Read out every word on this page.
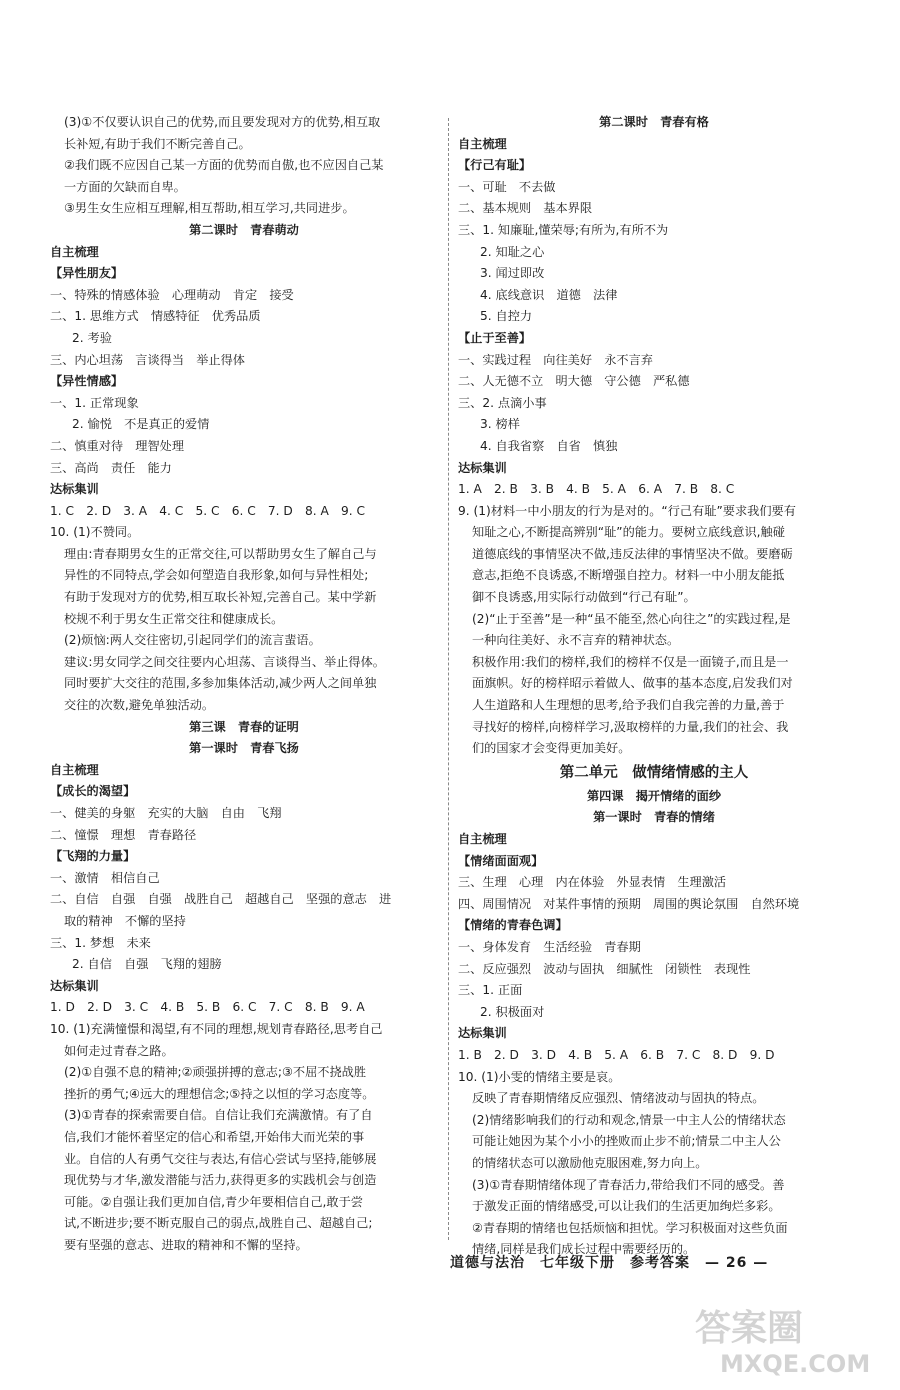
(3)①不仅要认识自己的优势,而且要发现对方的优势,相互取
长补短,有助于我们不断完善自己。
②我们既不应因自己某一方面的优势而自傲,也不应因自己某
一方面的欠缺而自卑。
③男生女生应相互理解,相互帮助,相互学习,共同进步。
第二课时　青春萌动
自主梳理
【异性朋友】
一、特殊的情感体验　心理萌动　肯定　接受
二、1. 思维方式　情感特征　优秀品质
2. 考验
三、内心坦荡　言谈得当　举止得体
【异性情感】
一、1. 正常现象
2. 愉悦　不是真正的爱情
二、慎重对待　理智处理
三、高尚　责任　能力
达标集训
1. C　2. D　3. A　4. C　5. C　6. C　7. D　8. A　9. C
10. (1)不赞同。
理由:青春期男女生的正常交往,可以帮助男女生了解自己与
异性的不同特点,学会如何塑造自我形象,如何与异性相处;
有助于发现对方的优势,相互取长补短,完善自己。某中学新
校规不利于男女生正常交往和健康成长。
(2)烦恼:两人交往密切,引起同学们的流言蜚语。
建议:男女同学之间交往要内心坦荡、言谈得当、举止得体。
同时要扩大交往的范围,多参加集体活动,减少两人之间单独
交往的次数,避免单独活动。
第三课　青春的证明
第一课时　青春飞扬
自主梳理
【成长的渴望】
一、健美的身躯　充实的大脑　自由　飞翔
二、憧憬　理想　青春路径
【飞翔的力量】
一、激情　相信自己
二、自信　自强　自强　战胜自己　超越自己　坚强的意志　进
取的精神　不懈的坚持
三、1. 梦想　未来
2. 自信　自强　飞翔的翅膀
达标集训
1. D　2. D　3. C　4. B　5. B　6. C　7. C　8. B　9. A
10. (1)充满憧憬和渴望,有不同的理想,规划青春路径,思考自己
如何走过青春之路。
(2)①自强不息的精神;②顽强拼搏的意志;③不屈不挠战胜
挫折的勇气;④远大的理想信念;⑤持之以恒的学习态度等。
(3)①青春的探索需要自信。自信让我们充满激情。有了自
信,我们才能怀着坚定的信心和希望,开始伟大而光荣的事
业。自信的人有勇气交往与表达,有信心尝试与坚持,能够展
现优势与才华,激发潜能与活力,获得更多的实践机会与创造
可能。②自强让我们更加自信,青少年要相信自己,敢于尝
试,不断进步;要不断克服自己的弱点,战胜自己、超越自己;
要有坚强的意志、进取的精神和不懈的坚持。
第二课时　青春有格
自主梳理
【行己有耻】
一、可耻　不去做
二、基本规则　基本界限
三、1. 知廉耻,懂荣辱;有所为,有所不为
2. 知耻之心
3. 闻过即改
4. 底线意识　道德　法律
5. 自控力
【止于至善】
一、实践过程　向往美好　永不言弃
二、人无德不立　明大德　守公德　严私德
三、2. 点滴小事
3. 榜样
4. 自我省察　自省　慎独
达标集训
1. A　2. B　3. B　4. B　5. A　6. A　7. B　8. C
9. (1)材料一中小朋友的行为是对的。“行己有耻”要求我们要有
知耻之心,不断提高辨别“耻”的能力。要树立底线意识,触碰
道德底线的事情坚决不做,违反法律的事情坚决不做。要磨砺
意志,拒绝不良诱惑,不断增强自控力。材料一中小朋友能抵
御不良诱惑,用实际行动做到“行己有耻”。
(2)“止于至善”是一种“虽不能至,然心向往之”的实践过程,是
一种向往美好、永不言弃的精神状态。
积极作用:我们的榜样,我们的榜样不仅是一面镜子,而且是一
面旗帜。好的榜样昭示着做人、做事的基本态度,启发我们对
人生道路和人生理想的思考,给予我们自我完善的力量,善于
寻找好的榜样,向榜样学习,汲取榜样的力量,我们的社会、我
们的国家才会变得更加美好。
第二单元　做情绪情感的主人
第四课　揭开情绪的面纱
第一课时　青春的情绪
自主梳理
【情绪面面观】
三、生理　心理　内在体验　外显表情　生理激活
四、周围情况　对某件事情的预期　周围的舆论氛围　自然环境
【情绪的青春色调】
一、身体发育　生活经验　青春期
二、反应强烈　波动与固执　细腻性　闭锁性　表现性
三、1. 正面
2. 积极面对
达标集训
1. B　2. D　3. D　4. B　5. A　6. B　7. C　8. D　9. D
10. (1)小雯的情绪主要是哀。
反映了青春期情绪反应强烈、情绪波动与固执的特点。
(2)情绪影响我们的行动和观念,情景一中主人公的情绪状态
可能让她因为某个小小的挫败而止步不前;情景二中主人公
的情绪状态可以激励他克服困难,努力向上。
(3)①青春期情绪体现了青春活力,带给我们不同的感受。善
于激发正面的情绪感受,可以让我们的生活更加绚烂多彩。
②青春期的情绪也包括烦恼和担忧。学习积极面对这些负面
情绪,同样是我们成长过程中需要经历的。
道德与法治　七年级下册　参考答案　— 26 —
答案圈
MXQE.COM
